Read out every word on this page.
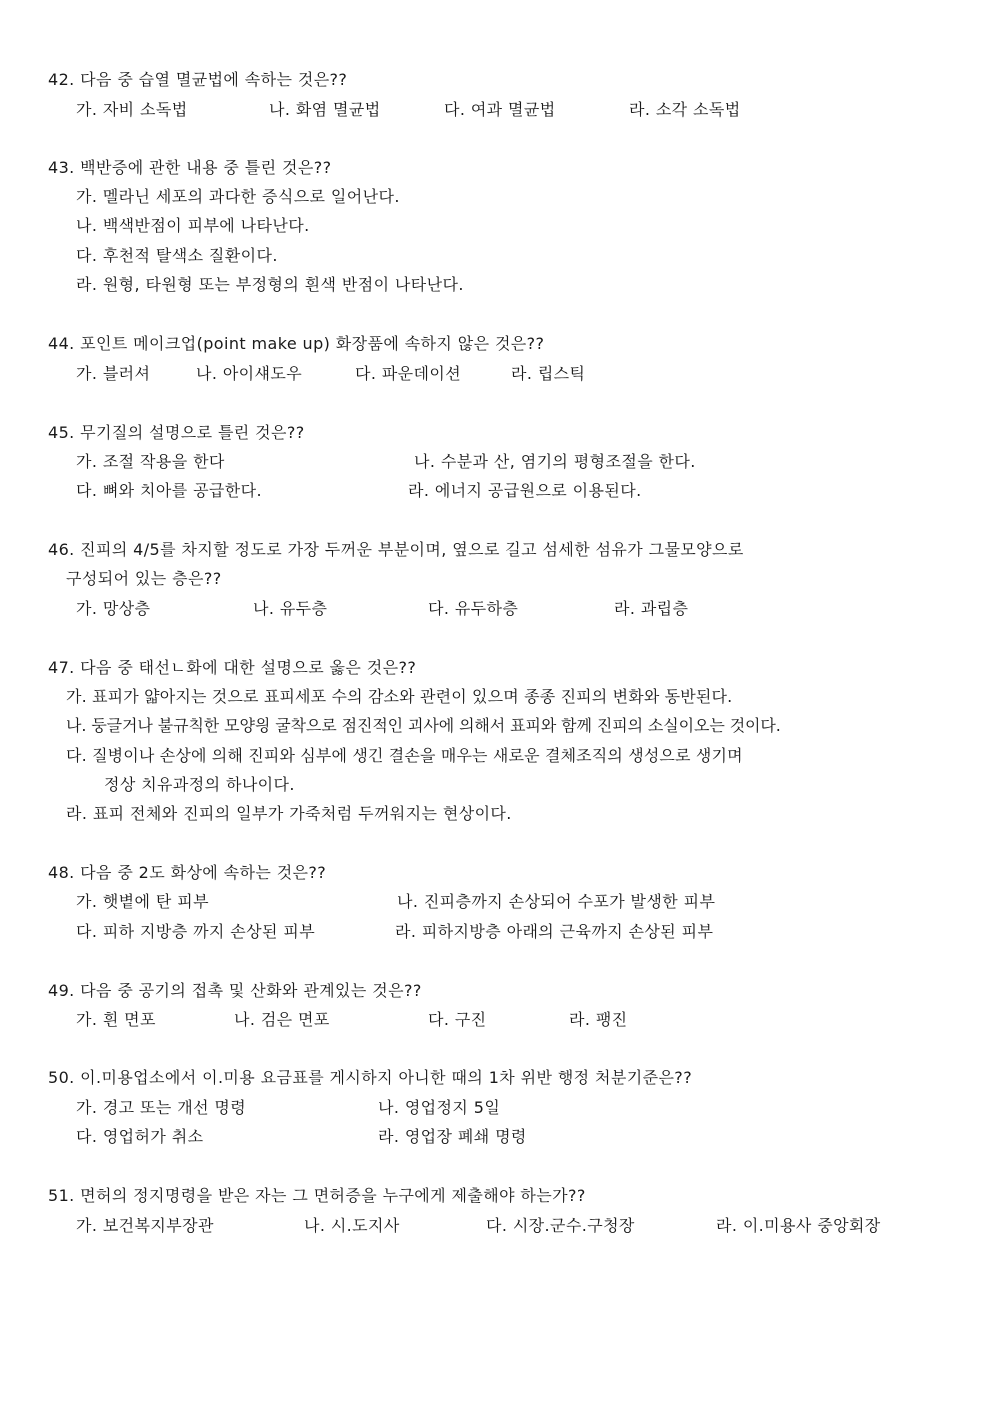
42. 다음 중 습열 멸균법에 속하는 것은??
가. 자비 소독법	나. 화염 멸균법	다. 여과 멸균법	라. 소각 소독법
43. 백반증에 관한 내용 중 틀린 것은??
가. 멜라닌 세포의 과다한 증식으로 일어난다.
나. 백색반점이 피부에 나타난다.
다. 후천적 탈색소 질환이다.
라. 원형, 타원형 또는 부정형의 흰색 반점이 나타난다.
44. 포인트 메이크업(point make up) 화장품에 속하지 않은 것은??
가. 블러셔	나. 아이섀도우	다. 파운데이션	라. 립스틱
45. 무기질의 설명으로 틀린 것은??
가. 조절 작용을 한다	나. 수분과 산, 염기의 평형조절을 한다.
다. 뼈와 치아를 공급한다.	라. 에너지 공급원으로 이용된다.
46. 진피의 4/5를 차지할 정도로 가장 두꺼운 부분이며, 옆으로 길고 섬세한 섬유가 그물모양으로
구성되어 있는 층은??
가. 망상층	나. 유두층	다. 유두하층	라. 과립층
47. 다음 중 태선ㄴ화에 대한 설명으로 옳은 것은??
가. 표피가 얇아지는 것으로 표피세포 수의 감소와 관련이 있으며 종종 진피의 변화와 동반된다.
나. 둥글거나 불규칙한 모양읭 굴착으로 점진적인 괴사에 의해서 표피와 함께 진피의 소실이오는 것이다.
다. 질병이나 손상에 의해 진피와 심부에 생긴 결손을 매우는 새로운 결체조직의 생성으로 생기며
정상 치유과정의 하나이다.
라. 표피 전체와 진피의 일부가 가죽처럼 두꺼워지는 현상이다.
48. 다음 중 2도 화상에 속하는 것은??
가. 햇볕에 탄 피부	나. 진피층까지 손상되어 수포가 발생한 피부
다. 피하 지방층 까지 손상된 피부	라. 피하지방층 아래의 근육까지 손상된 피부
49. 다음 중 공기의 접촉 및 산화와 관계있는 것은??
가. 흰 면포	나. 검은 면포	다. 구진	라. 팽진
50. 이.미용업소에서 이.미용 요금표를 게시하지 아니한 때의 1차 위반 행정 처분기준은??
가. 경고 또는 개선 명령	나. 영업정지 5일
다. 영업허가 취소	라. 영업장 폐쇄 명령
51. 면허의 정지명령을 받은 자는 그 면허증을 누구에게 제출해야 하는가??
가. 보건복지부장관	나. 시.도지사	다. 시장.군수.구청장	라. 이.미용사 중앙회장
